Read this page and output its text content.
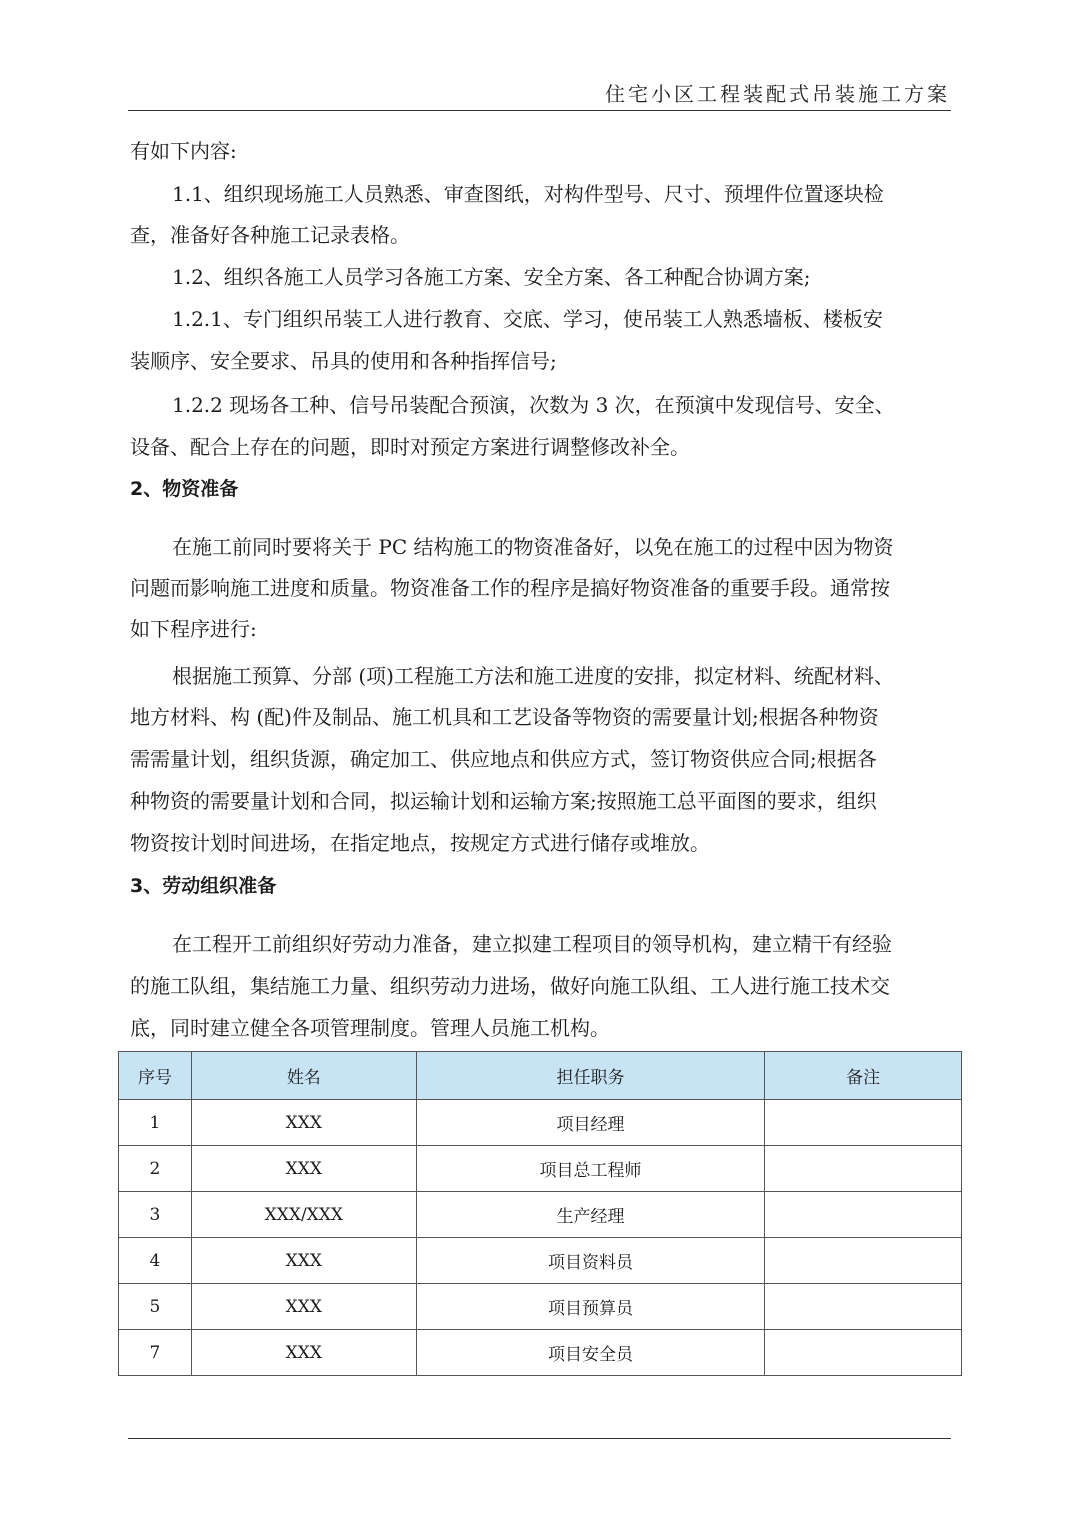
住宅小区工程装配式吊装施工方案
有如下内容:
1.1、组织现场施工人员熟悉、审查图纸，对构件型号、尺寸、预埋件位置逐块检
查，准备好各种施工记录表格。
1.2、组织各施工人员学习各施工方案、安全方案、各工种配合协调方案;
1.2.1、专门组织吊装工人进行教育、交底、学习，使吊装工人熟悉墙板、楼板安
装顺序、安全要求、吊具的使用和各种指挥信号;
1.2.2 现场各工种、信号吊装配合预演，次数为 3 次，在预演中发现信号、安全、
设备、配合上存在的问题，即时对预定方案进行调整修改补全。
2、物资准备
在施工前同时要将关于 PC 结构施工的物资准备好，以免在施工的过程中因为物资
问题而影响施工进度和质量。物资准备工作的程序是搞好物资准备的重要手段。通常按
如下程序进行:
根据施工预算、分部 (项)工程施工方法和施工进度的安排，拟定材料、统配材料、
地方材料、构 (配)件及制品、施工机具和工艺设备等物资的需要量计划;根据各种物资
需需量计划，组织货源，确定加工、供应地点和供应方式，签订物资供应合同;根据各
种物资的需要量计划和合同，拟运输计划和运输方案;按照施工总平面图的要求，组织
物资按计划时间进场，在指定地点，按规定方式进行储存或堆放。
3、劳动组织准备
在工程开工前组织好劳动力准备，建立拟建工程项目的领导机构，建立精干有经验
的施工队组，集结施工力量、组织劳动力进场，做好向施工队组、工人进行施工技术交
底，同时建立健全各项管理制度。管理人员施工机构。
序号	姓名	担任职务	备注
1	XXX	项目经理	
2	XXX	项目总工程师	
3	XXX/XXX	生产经理	
4	XXX	项目资料员	
5	XXX	项目预算员	
7	XXX	项目安全员	
